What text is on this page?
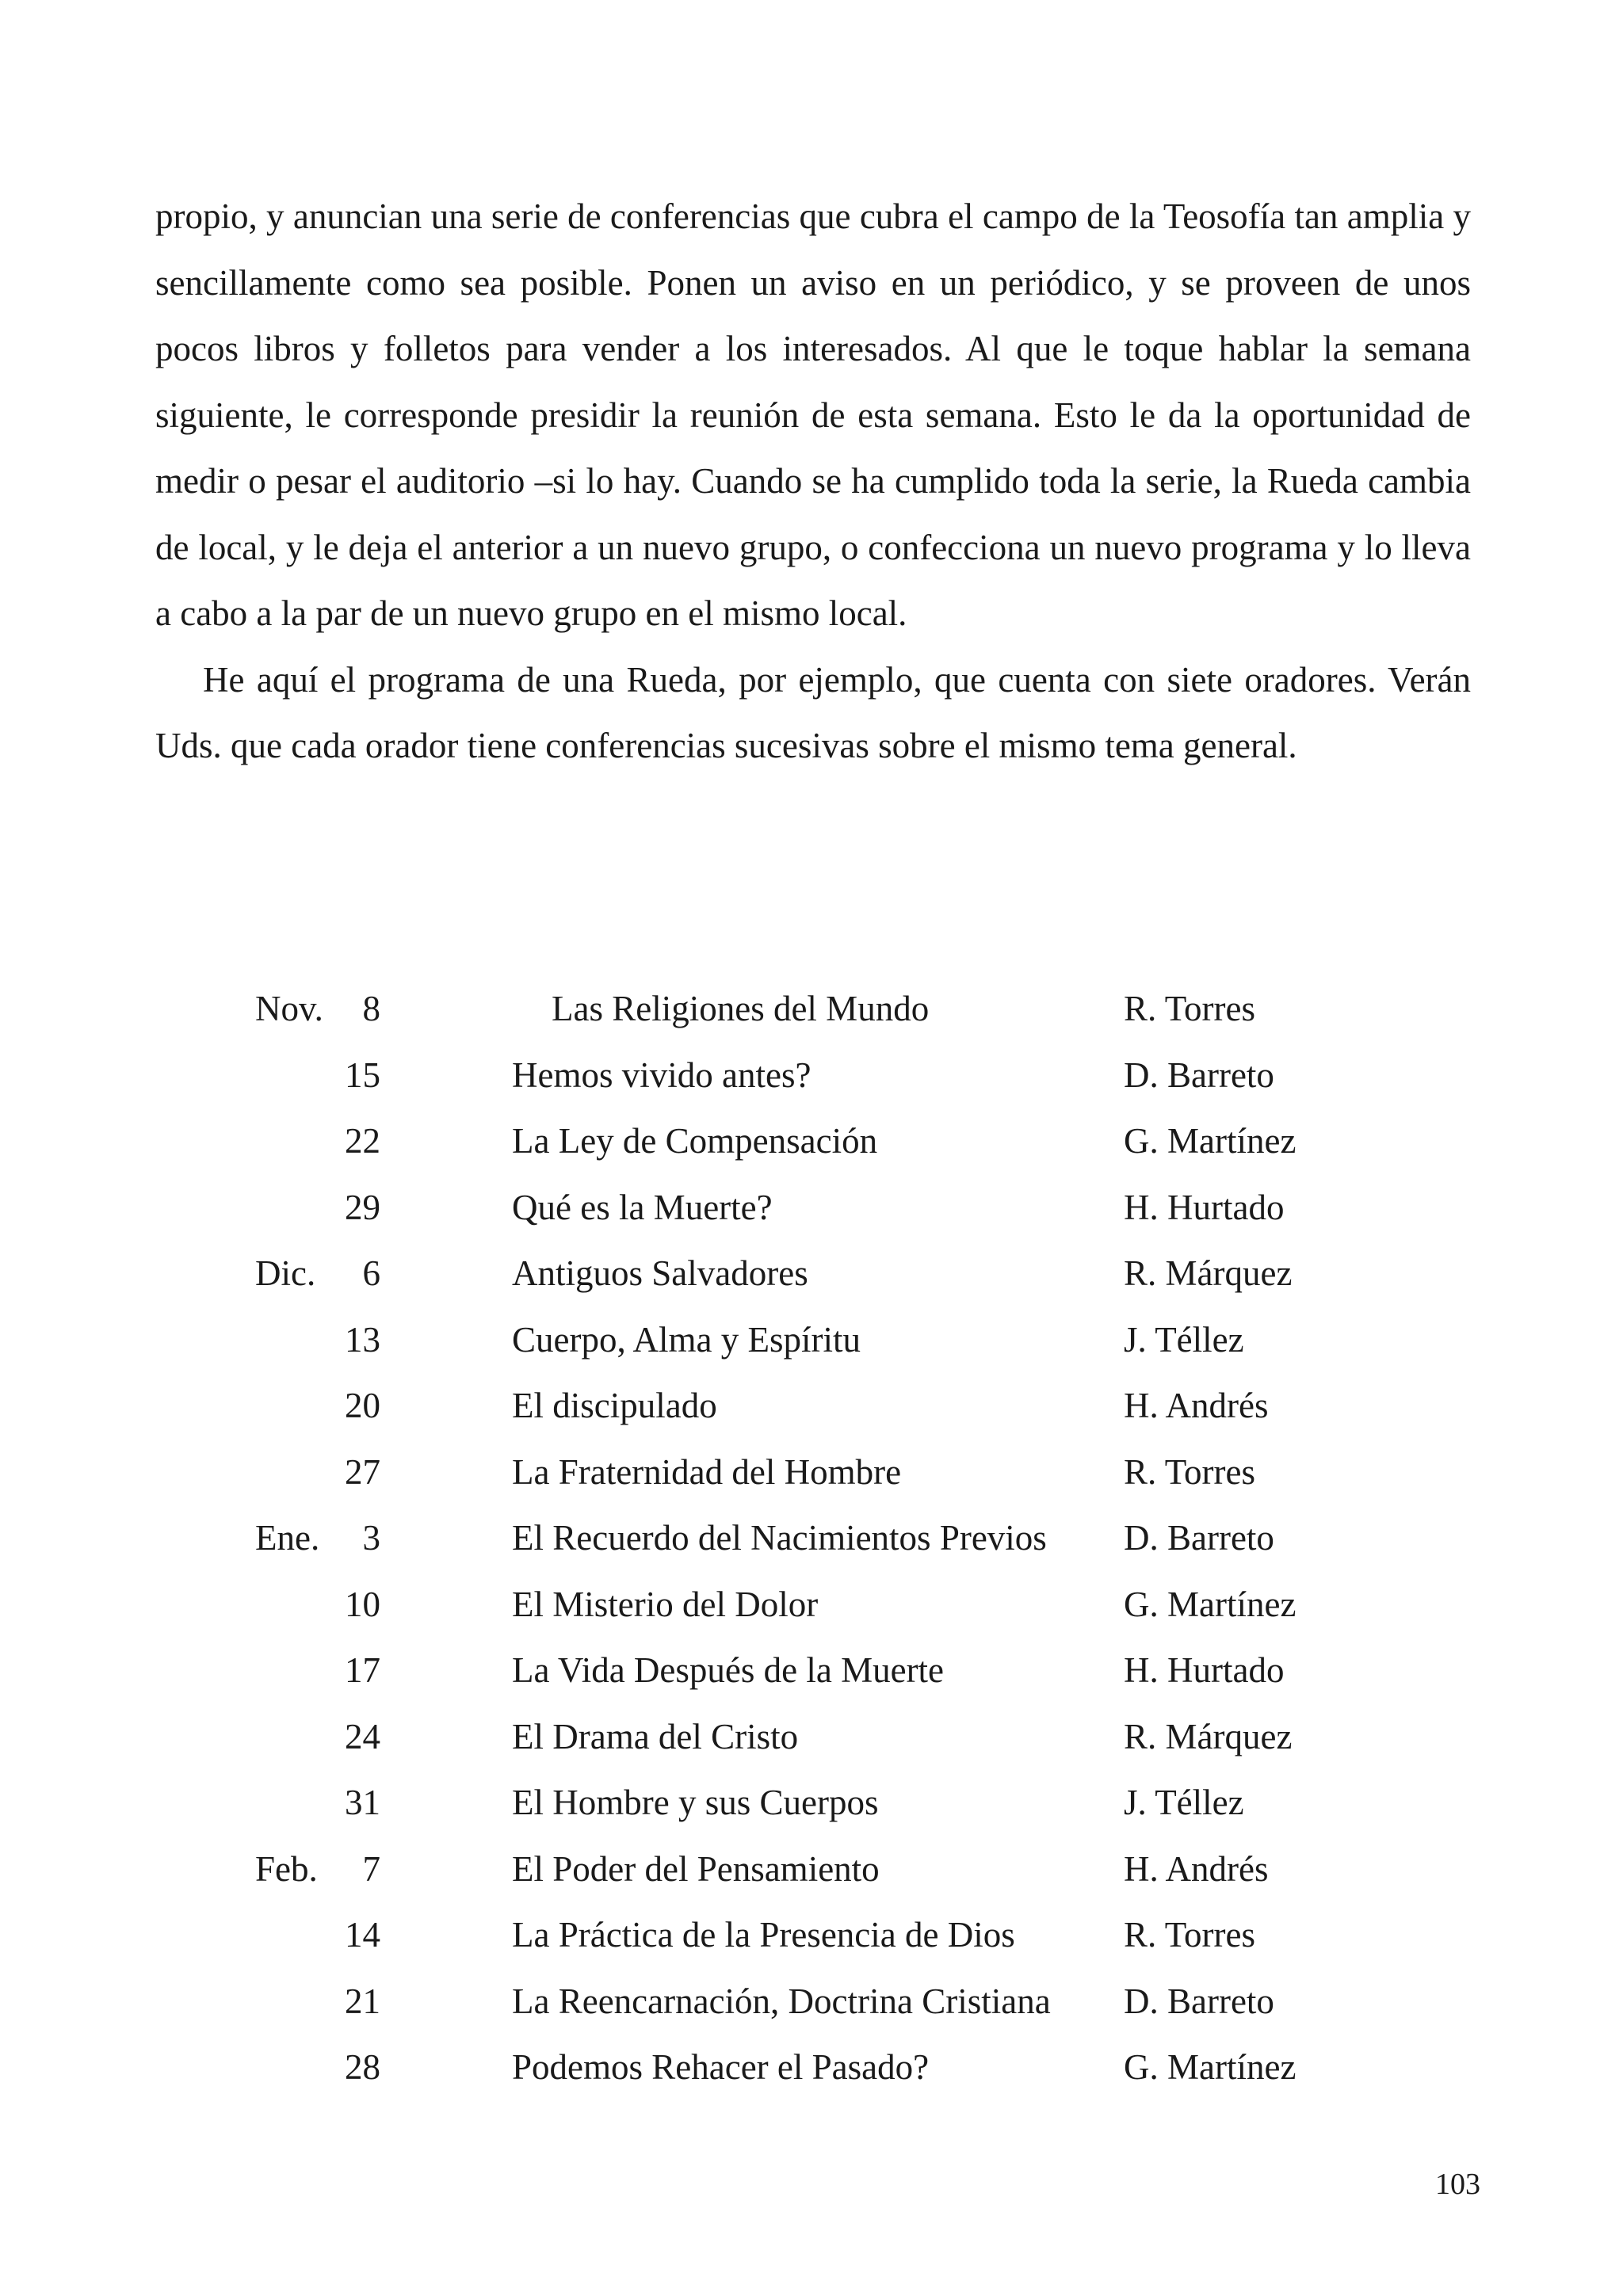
propio, y anuncian una serie de conferencias que cubra el campo de la Teosofía tan amplia y sencillamente como sea posible. Ponen un aviso en un periódico, y se proveen de unos pocos libros y folletos para vender a los interesados. Al que le toque hablar la semana siguiente, le corresponde presidir la reunión de esta semana. Esto le da la oportunidad de medir o pesar el auditorio –si lo hay. Cuando se ha cumplido toda la serie, la Rueda cambia de local, y le deja el anterior a un nuevo grupo, o confecciona un nuevo programa y lo lleva a cabo a la par de un nuevo grupo en el mismo local.

He aquí el programa de una Rueda, por ejemplo, que cuenta con siete oradores. Verán Uds. que cada orador tiene conferencias sucesivas sobre el mismo tema general.

Nov.	8	Las Religiones del Mundo	R. Torres
15	Hemos vivido antes?	D. Barreto
22	La Ley de Compensación	G. Martínez
29	Qué es la Muerte?	H. Hurtado
Dic.	6	Antiguos Salvadores	R. Márquez
13	Cuerpo, Alma y Espíritu	J. Téllez
20	El discipulado	H. Andrés
27	La Fraternidad del Hombre	R. Torres
Ene.	3	El Recuerdo del Nacimientos Previos D. Barreto
10	El Misterio del Dolor	G. Martínez
17	La Vida Después de la Muerte	H. Hurtado
24	El Drama del Cristo	R. Márquez
31	El Hombre y sus Cuerpos	J. Téllez
Feb.	7	El Poder del Pensamiento	H. Andrés
14	La Práctica de la Presencia de Dios	R. Torres
21	La Reencarnación, Doctrina Cristiana D. Barreto
28	Podemos Rehacer el Pasado?	G. Martínez
103
